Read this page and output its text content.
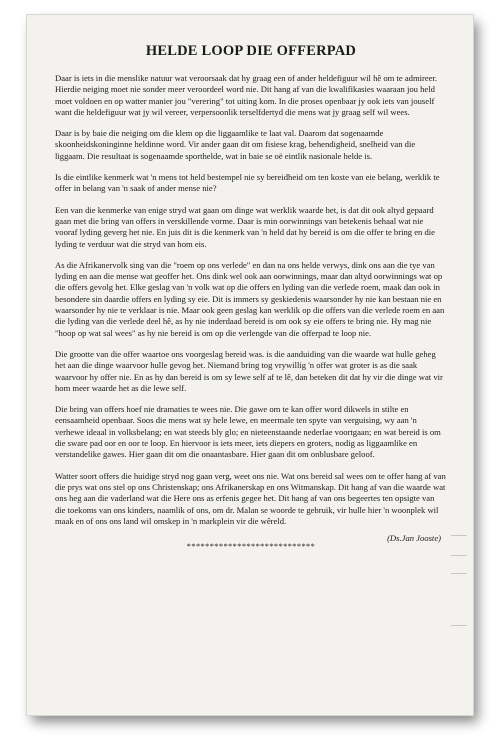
HELDE LOOP DIE OFFERPAD

Daar is iets in die menslike natuur wat veroorsaak dat hy graag een of ander heldefiguur wil hê om te admireer. Hierdie neiging moet nie sonder meer veroordeel word nie. Dit hang af van die kwalifikasies waaraan jou held moet voldoen en op watter manier jou "verering" tot uiting kom. In die proses openbaar jy ook iets van jouself want die heldefiguur wat jy wil vereer, verpersoonlik terselfdertyd die mens wat jy graag self wil wees.

Daar is by baie die neiging om die klem op die liggaamlike te laat val. Daarom dat sogenaamde skoonheidskoninginne heldinne word. Vir ander gaan dit om fisiese krag, behendigheid, snelheid van die liggaam. Die resultaat is sogenaamde sporthelde, wat in baie se oë eintlik nasionale helde is.

Is die eintlike kenmerk wat 'n mens tot held bestempel nie sy bereidheid om ten koste van eie belang, werklik te offer in belang van 'n saak of ander mense nie?

Een van die kenmerke van enige stryd wat gaan om dinge wat werklik waarde het, is dat dit ook altyd gepaard gaan met die bring van offers in verskillende vorme. Daar is min oorwinnings van betekenis behaal wat nie vooraf lyding geverg het nie. En juis dit is die kenmerk van 'n held dat hy bereid is om die offer te bring en die lyding te verduur wat die stryd van hom eis.

As die Afrikanervolk sing van die "roem op ons verlede" en dan na ons helde verwys, dink ons aan die tye van lyding en aan die mense wat geoffer het. Ons dink wel ook aan oorwinnings, maar dan altyd oorwinnings wat op die offers gevolg het. Elke geslag van 'n volk wat op die offers en lyding van die verlede roem, maak dan ook in besondere sin daardie offers en lyding sy eie. Dit is immers sy geskiedenis waarsonder hy nie kan bestaan nie en waarsonder hy nie te verklaar is nie. Maar ook geen geslag kan werklik op die offers van die verlede roem en aan die lyding van die verlede deel hê, as hy nie inderdaad bereid is om ook sy eie offers te bring nie. Hy mag nie "hoop op wat sal wees" as hy nie bereid is om op die verlengde van die offerpad te loop nie.

Die grootte van die offer waartoe ons voorgeslag bereid was. is die aanduiding van die waarde wat hulle geheg het aan die dinge waarvoor hulle gevog het. Niemand bring tog vrywillig 'n offer wat groter is as die saak waarvoor hy offer nie. En as hy dan bereid is om sy lewe self af te lê, dan beteken dit dat hy vir die dinge wat vir hom meer waarde het as die lewe self.

Die bring van offers hoef nie dramaties te wees nie. Die gawe om te kan offer word dikwels in stilte en eensaamheid openbaar. Soos die mens wat sy hele lewe, en meermale ten spyte van verguising, wy aan 'n verhewe ideaal in volksbelang; en wat steeds bly glo; en nieteenstaande nederlae voortgaan; en wat bereid is om die sware pad oor en oor te loop. En hiervoor is iets meer, iets diepers en groters, nodig as liggaamlike en verstandelike gawes. Hier gaan dit om die onaantasbare. Hier gaan dit om onblusbare geloof.

Watter soort offers die huidige stryd nog gaan verg, weet ons nie. Wat ons bereid sal wees om te offer hang af van die prys wat ons stel op ons Christenskap; ons Afrikanerskap en ons Witmanskap. Dit hang af van die waarde wat ons heg aan die vaderland wat die Here ons as erfenis gegee het. Dit hang af van ons begeertes ten opsigte van die toekoms van ons kinders, naamlik of ons, om dr. Malan se woorde te gebruik, vir hulle hier 'n woonplek wil maak en of ons ons land wil omskep in 'n markplein vir die wêreld.

(Ds.Jan Jooste)

****************************
